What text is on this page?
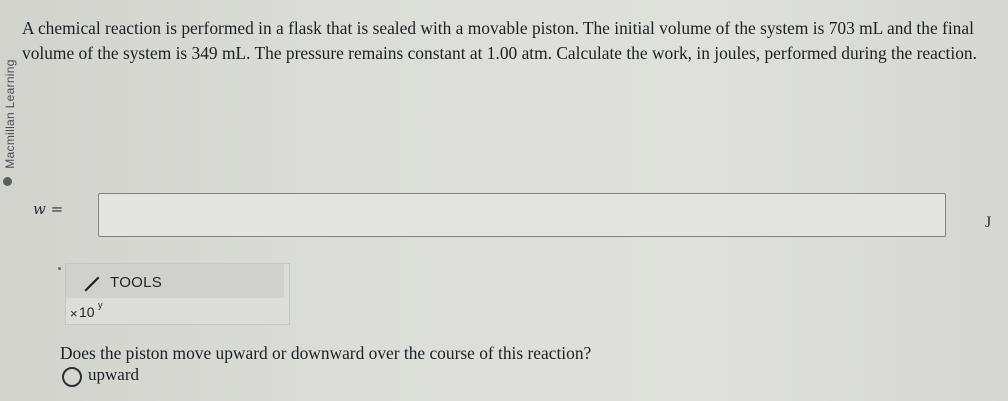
Macmillan Learning

A chemical reaction is performed in a flask that is sealed with a movable piston. The initial volume of the system is 703 mL and the final volume of the system is 349 mL. The pressure remains constant at 1.00 atm. Calculate the work, in joules, performed during the reaction.

w =
J
TOOLS
× 10 y
Does the piston move upward or downward over the course of this reaction?
upward
